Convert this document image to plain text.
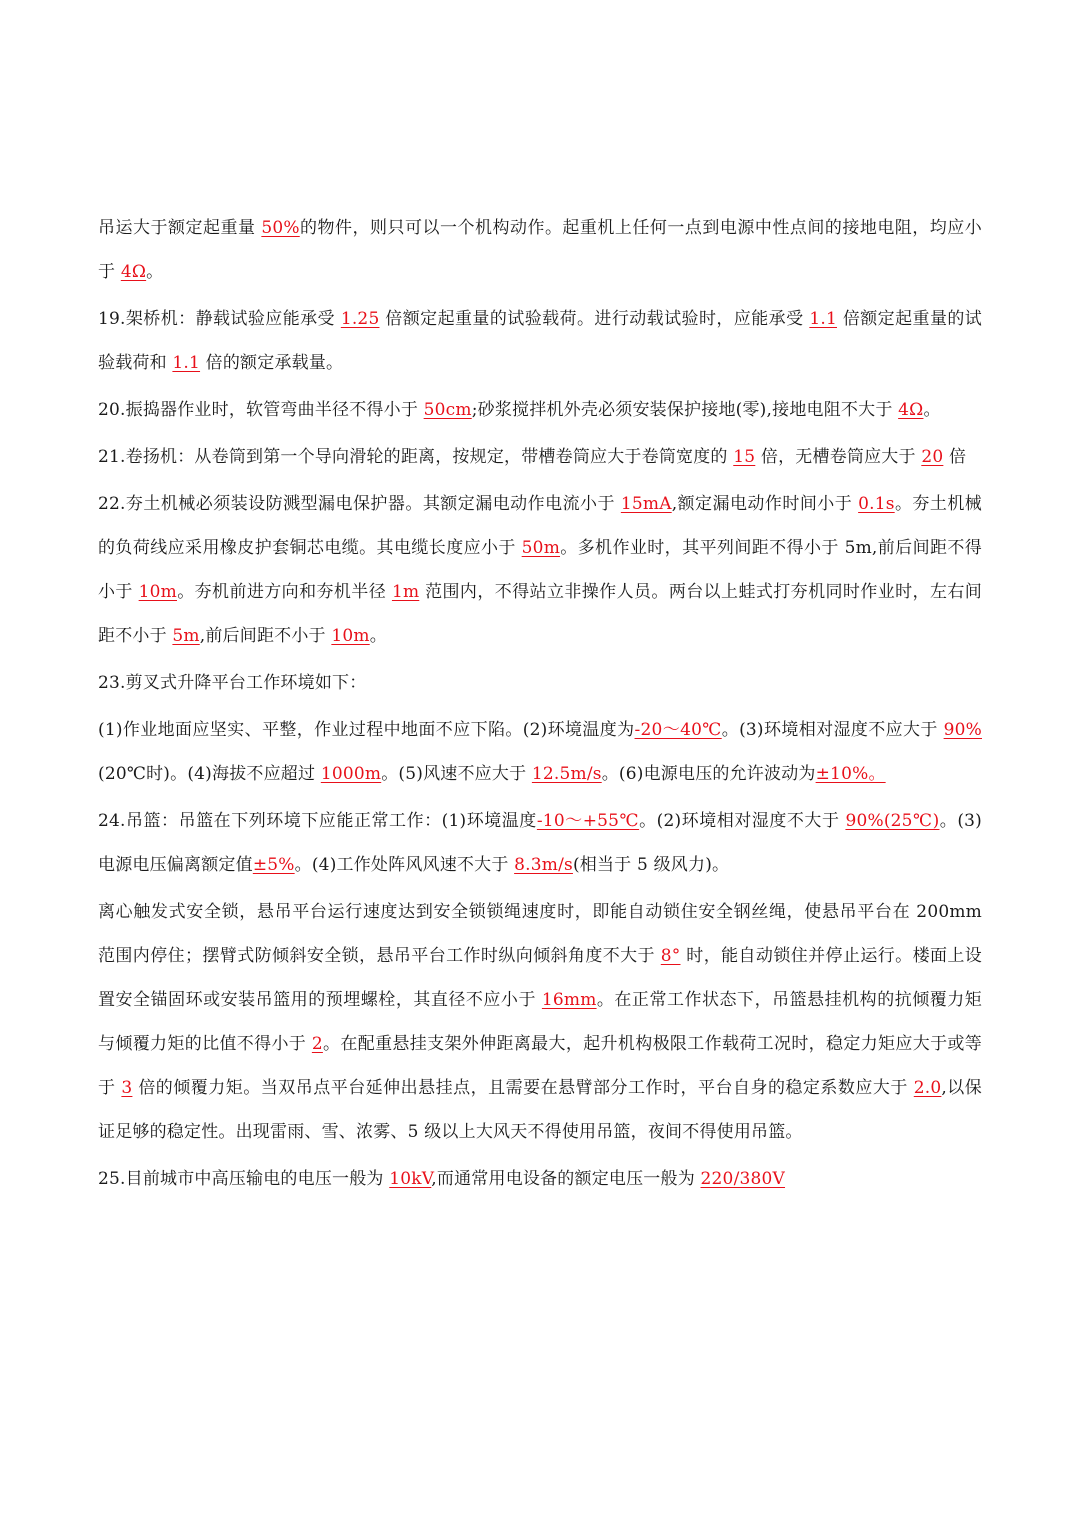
吊运大于额定起重量 50%的物件，则只可以一个机构动作。起重机上任何一点到电源中性点间的接地电阻，均应小于 4Ω。

19.架桥机：静载试验应能承受 1.25 倍额定起重量的试验载荷。进行动载试验时，应能承受 1.1 倍额定起重量的试验载荷和 1.1 倍的额定承载量。

20.振捣器作业时，软管弯曲半径不得小于 50cm;砂浆搅拌机外壳必须安装保护接地(零),接地电阻不大于 4Ω。

21.卷扬机：从卷筒到第一个导向滑轮的距离，按规定，带槽卷筒应大于卷筒宽度的 15 倍，无槽卷筒应大于 20 倍

22.夯土机械必须装设防溅型漏电保护器。其额定漏电动作电流小于 15mA,额定漏电动作时间小于 0.1s。夯土机械的负荷线应采用橡皮护套铜芯电缆。其电缆长度应小于 50m。多机作业时，其平列间距不得小于 5m,前后间距不得小于 10m。夯机前进方向和夯机半径 1m 范围内，不得站立非操作人员。两台以上蛙式打夯机同时作业时，左右间距不小于 5m,前后间距不小于 10m。

23.剪叉式升降平台工作环境如下：

(1)作业地面应坚实、平整，作业过程中地面不应下陷。(2)环境温度为-20～40℃。(3)环境相对湿度不应大于 90%(20℃时)。(4)海拔不应超过 1000m。(5)风速不应大于 12.5m/s。(6)电源电压的允许波动为±10%。

24.吊篮：吊篮在下列环境下应能正常工作：(1)环境温度-10～+55℃。(2)环境相对湿度不大于 90%(25℃)。(3)电源电压偏离额定值±5%。(4)工作处阵风风速不大于 8.3m/s(相当于 5 级风力)。

离心触发式安全锁，悬吊平台运行速度达到安全锁锁绳速度时，即能自动锁住安全钢丝绳，使悬吊平台在 200mm 范围内停住；摆臂式防倾斜安全锁，悬吊平台工作时纵向倾斜角度不大于 8° 时，能自动锁住并停止运行。楼面上设置安全锚固环或安装吊篮用的预埋螺栓，其直径不应小于 16mm。在正常工作状态下，吊篮悬挂机构的抗倾覆力矩与倾覆力矩的比值不得小于 2。在配重悬挂支架外伸距离最大，起升机构极限工作载荷工况时，稳定力矩应大于或等于 3 倍的倾覆力矩。当双吊点平台延伸出悬挂点，且需要在悬臂部分工作时，平台自身的稳定系数应大于 2.0,以保证足够的稳定性。出现雷雨、雪、浓雾、5 级以上大风天不得使用吊篮，夜间不得使用吊篮。

25.目前城市中高压输电的电压一般为 10kV,而通常用电设备的额定电压一般为 220/380V
